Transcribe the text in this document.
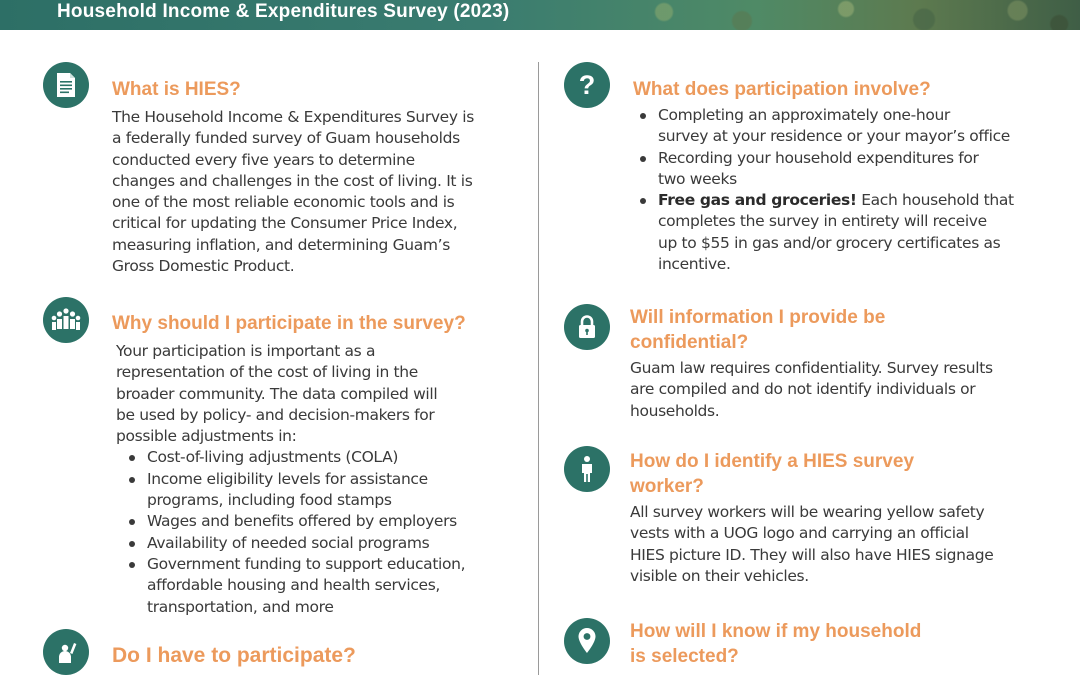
Household Income & Expenditures Survey (2023)
What is HIES?

The Household Income & Expenditures Survey is

a federally funded survey of Guam households

conducted every five years to determine

changes and challenges in the cost of living. It is

one of the most reliable economic tools and is

critical for updating the Consumer Price Index,

measuring inflation, and determining Guam’s

Gross Domestic Product.

Why should I participate in the survey?

Your participation is important as a

representation of the cost of living in the

broader community. The data compiled will

be used by policy- and decision-makers for

possible adjustments in:

Cost-of-living adjustments (COLA)
Income eligibility levels for assistance
programs, including food stamps
Wages and benefits offered by employers
Availability of needed social programs
Government funding to support education,
affordable housing and health services,
transportation, and more
Do I have to participate?
? What does participation involve?
Completing an approximately one-hour
survey at your residence or your mayor’s office
Recording your household expenditures for
two weeks
Free gas and groceries! Each household that
completes the survey in entirety will receive
up to $55 in gas and/or grocery certificates as
incentive.
Will information I provide be
confidential?

Guam law requires confidentiality. Survey results

are compiled and do not identify individuals or

households.

How do I identify a HIES survey
worker?

All survey workers will be wearing yellow safety

vests with a UOG logo and carrying an official

HIES picture ID. They will also have HIES signage

visible on their vehicles.

How will I know if my household
is selected?
